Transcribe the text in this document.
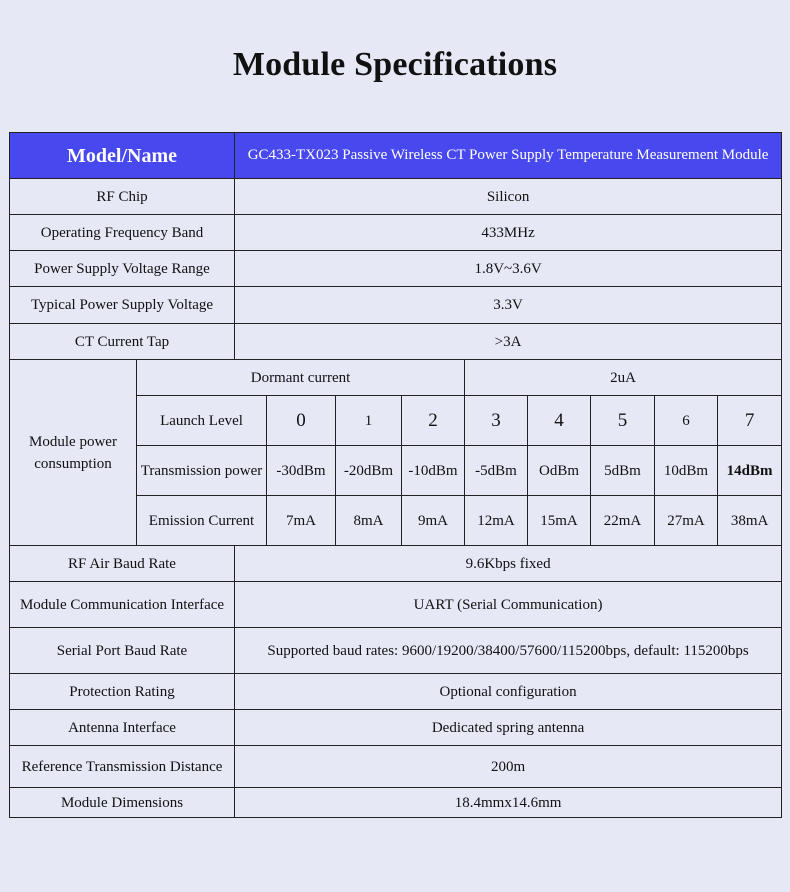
Module Specifications
Model/Name		GC433-TX023 Passive Wireless CT Power Supply Temperature Measurement Module								
RF Chip		Silicon								
Operating Frequency Band		433MHz								
Power Supply Voltage Range		1.8V~3.6V								
Typical Power Supply Voltage		3.3V								
CT Current Tap		>3A								
Module power consumption	Dormant current					2uA				
	Launch Level		0	1	2	3	4	5	6	7
	Transmission power		-30dBm	-20dBm	-10dBm	-5dBm	OdBm	5dBm	10dBm	14dBm
	Emission Current		7mA	8mA	9mA	12mA	15mA	22mA	27mA	38mA
RF Air Baud Rate		9.6Kbps fixed								
Module Communication Interface		UART (Serial Communication)								
Serial Port Baud Rate		Supported baud rates: 9600/19200/38400/57600/115200bps, default: 115200bps								
Protection Rating		Optional configuration								
Antenna Interface		Dedicated spring antenna								
Reference Transmission Distance		200m								
Module Dimensions		18.4mmx14.6mm								
